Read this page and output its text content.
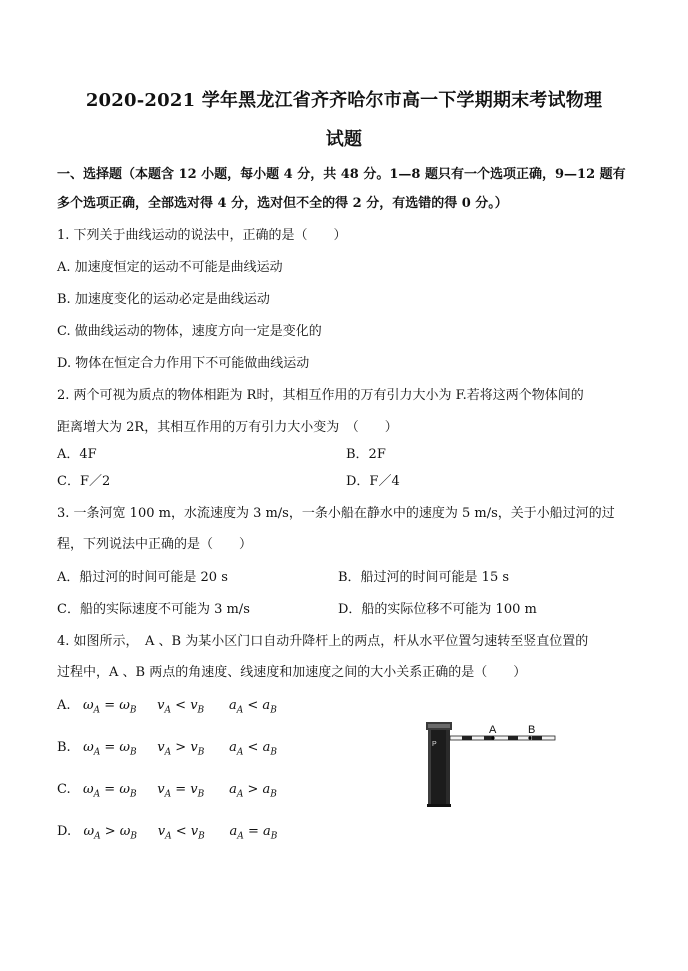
2020-2021 学年黑龙江省齐齐哈尔市高一下学期期末考试物理
试题
一、选择题（本题含 12 小题，每小题 4 分，共 48 分。1—8 题只有一个选项正确，9—12 题有
多个选项正确，全部选对得 4 分，选对但不全的得 2 分，有选错的得 0 分。）
1. 下列关于曲线运动的说法中，正确的是（　　）
A. 加速度恒定的运动不可能是曲线运动
B. 加速度变化的运动必定是曲线运动
C. 做曲线运动的物体，速度方向一定是变化的
D. 物体在恒定合力作用下不可能做曲线运动
2. 两个可视为质点的物体相距为 R时，其相互作用的万有引力大小为 F.若将这两个物体间的
距离增大为 2R，其相互作用的万有引力大小变为　（　　）
A．4F	B．2F
C．F／2	D．F／4
3. 一条河宽 100 m，水流速度为 3 m/s，一条小船在静水中的速度为 5 m/s，关于小船过河的过
程，下列说法中正确的是（　　）
A．船过河的时间可能是 20 s	B．船过河的时间可能是 15 s
C．船的实际速度不可能为 3 m/s	D．船的实际位移不可能为 100 m
4. 如图所示，　A 、B 为某小区门口自动升降杆上的两点，杆从水平位置匀速转至竖直位置的
过程中，A 、B 两点的角速度、线速度和加速度之间的大小关系正确的是（　　）
A. $\omega_A = \omega_B$ $v_A < v_B$ $a_A < a_B$
B. $\omega_A = \omega_B$ $v_A > v_B$ $a_A < a_B$
C. $\omega_A = \omega_B$ $v_A = v_B$ $a_A > a_B$
D. $\omega_A > \omega_B$ $v_A < v_B$ $a_A = a_B$
P
A	B
